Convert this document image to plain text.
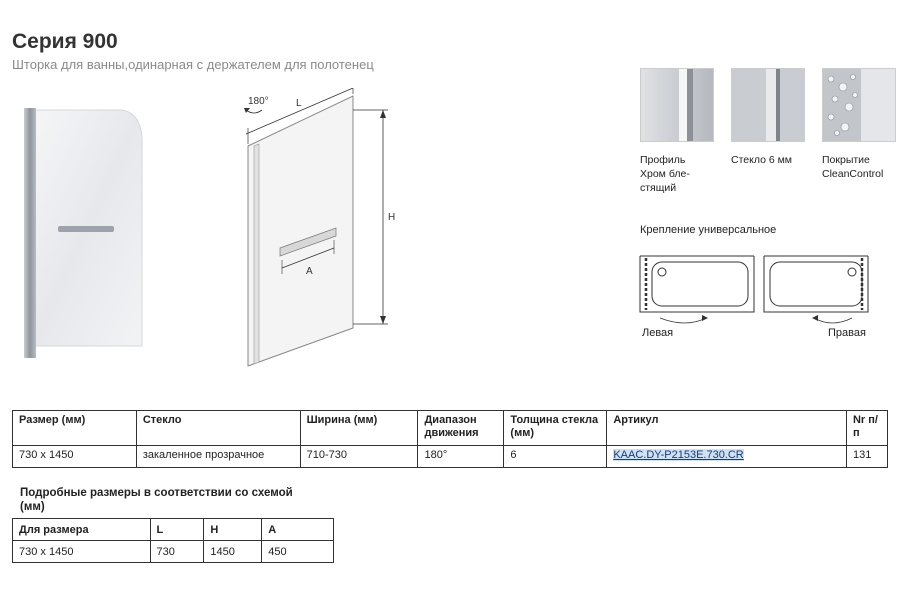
Серия 900
Шторка для ванны,одинарная с держателем для полотенец
180°	L
H
A
Профиль
Хром бле-
стящий
Стекло 6 мм	Покрытие
CleanControl
Крепление универсальное
Левая	Правая
Размер (мм)	Стекло	Ширина (мм)	Диапазон движения	Толщина стекла (мм)	Артикул	Nr п/п
730 x 1450	закаленное прозрачное	710-730	180°	6	KAAC.DY-P2153E.730.CR	131
Подробные размеры в соответствии со схемой (мм)
Для размера	L	H	A
730 x 1450	730	1450	450
